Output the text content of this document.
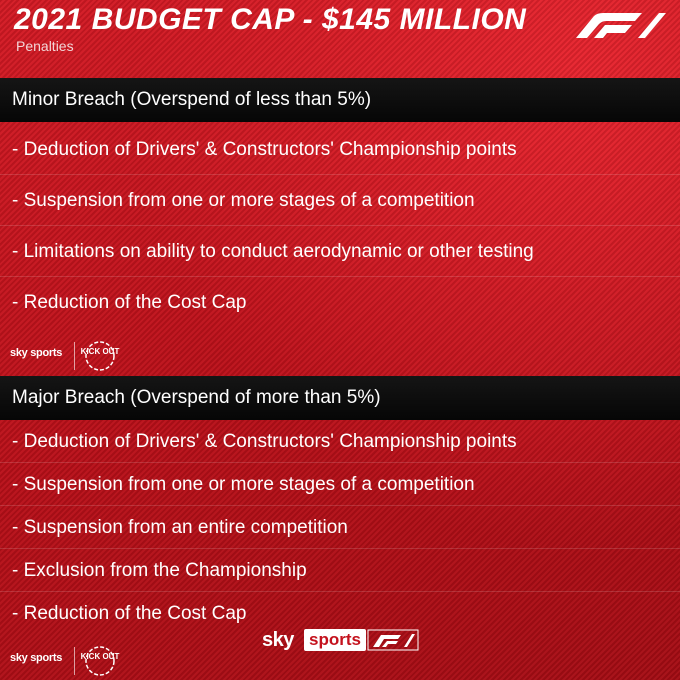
2021 BUDGET CAP - $145 MILLION
Penalties
Minor Breach (Overspend of less than 5%)
- Deduction of Drivers' & Constructors' Championship points
- Suspension from one or more stages of a competition
- Limitations on ability to conduct aerodynamic or other testing
- Reduction of the Cost Cap
sky sports KICK OUT
Major Breach (Overspend of more than 5%)
- Deduction of Drivers' & Constructors' Championship points
- Suspension from one or more stages of a competition
- Suspension from an entire competition
- Exclusion from the Championship
- Reduction of the Cost Cap
sky sports
sky sports KICK OUT
